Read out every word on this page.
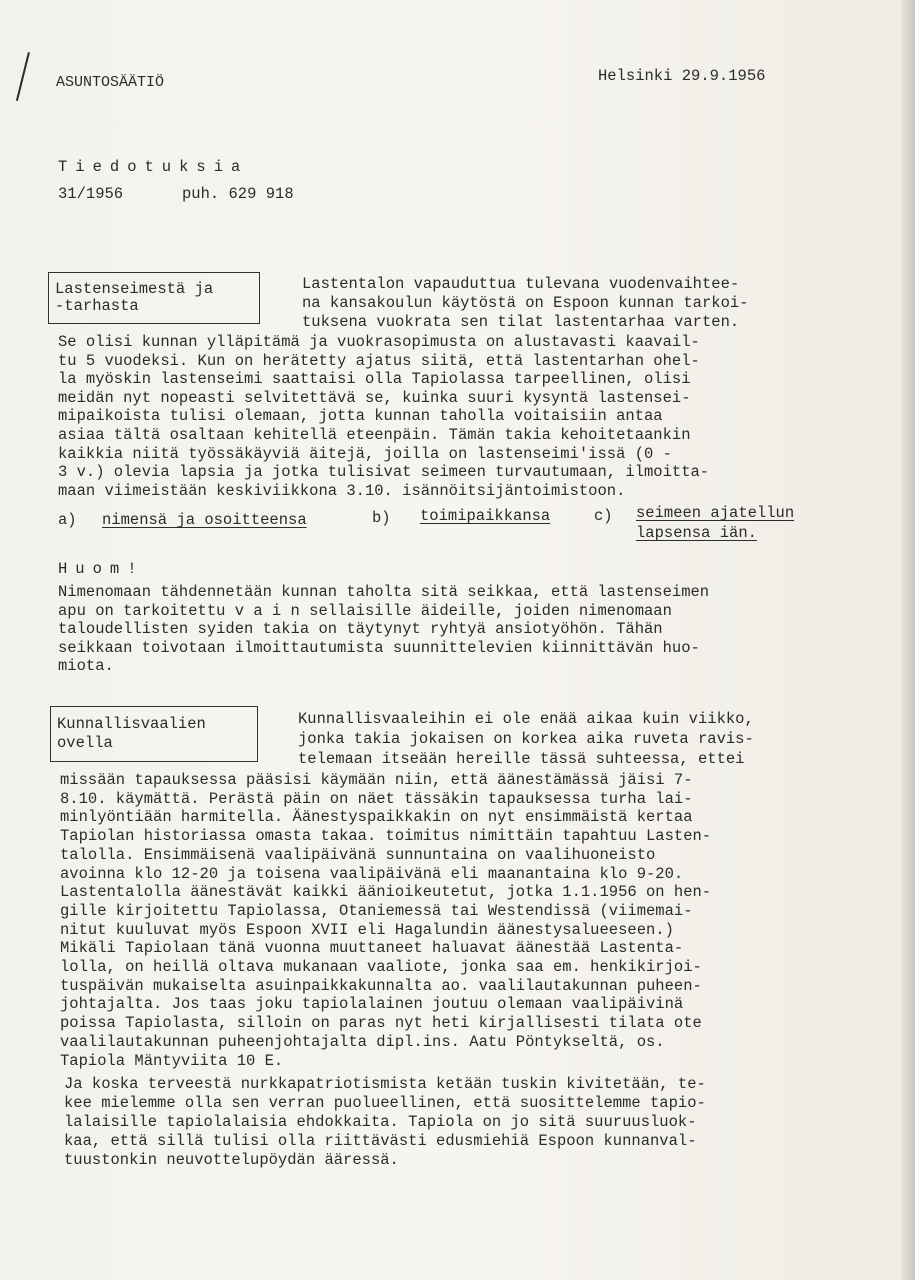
ASUNTOSÄÄTIÖ	Helsinki 29.9.1956
Tiedotuksia
31/1956	puh. 629 918
Lastenseimestä ja
-tarhasta
Lastentalon vapauduttua tulevana vuodenvaihtee-
na kansakoulun käytöstä on Espoon kunnan tarkoi-
tuksena vuokrata sen tilat lastentarhaa varten.
Se olisi kunnan ylläpitämä ja vuokrasopimusta on alustavasti kaavail-
tu 5 vuodeksi. Kun on herätetty ajatus siitä, että lastentarhan ohel-
la myöskin lastenseimi saattaisi olla Tapiolassa tarpeellinen, olisi
meidän nyt nopeasti selvitettävä se, kuinka suuri kysyntä lastensei-
mipaikoista tulisi olemaan, jotta kunnan taholla voitaisiin antaa
asiaa tältä osaltaan kehitellä eteenpäin. Tämän takia kehoitetaankin
kaikkia niitä työssäkäyviä äitejä, joilla on lastenseimi'issä (0 -
3 v.) olevia lapsia ja jotka tulisivat seimeen turvautumaan, ilmoitta-
maan viimeistään keskiviikkona 3.10. isännöitsijäntoimistoon.
a) nimensä ja osoitteensa	b) toimipaikkansa	c) seimeen ajatellun
lapsensa iän.
Huom!
Nimenomaan tähdennetään kunnan taholta sitä seikkaa, että lastenseimen
apu on tarkoitettu v a i n sellaisille äideille, joiden nimenomaan
taloudellisten syiden takia on täytynyt ryhtyä ansiotyöhön. Tähän
seikkaan toivotaan ilmoittautumista suunnittelevien kiinnittävän huo-
miota.
Kunnallisvaalien
ovella
Kunnallisvaaleihin ei ole enää aikaa kuin viikko,
jonka takia jokaisen on korkea aika ruveta ravis-
telemaan itseään hereille tässä suhteessa, ettei
missään tapauksessa pääsisi käymään niin, että äänestämässä jäisi 7-
8.10. käymättä. Perästä päin on näet tässäkin tapauksessa turha lai-
minlyöntiään harmitella. Äänestyspaikkakin on nyt ensimmäistä kertaa
Tapiolan historiassa omasta takaa. toimitus nimittäin tapahtuu Lasten-
talolla. Ensimmäisenä vaalipäivänä sunnuntaina on vaalihuoneisto
avoinna klo 12-20 ja toisena vaalipäivänä eli maanantaina klo 9-20.
Lastentalolla äänestävät kaikki äänioikeutetut, jotka 1.1.1956 on hen-
gille kirjoitettu Tapiolassa, Otaniemessä tai Westendissä (viimemai-
nitut kuuluvat myös Espoon XVII eli Hagalundin äänestysalueeseen.)
Mikäli Tapiolaan tänä vuonna muuttaneet haluavat äänestää Lastenta-
lolla, on heillä oltava mukanaan vaaliote, jonka saa em. henkikirjoi-
tuspäivän mukaiselta asuinpaikkakunnalta ao. vaalilautakunnan puheen-
johtajalta. Jos taas joku tapiolalainen joutuu olemaan vaalipäivinä
poissa Tapiolasta, silloin on paras nyt heti kirjallisesti tilata ote
vaalilautakunnan puheenjohtajalta dipl.ins. Aatu Pöntykseltä, os.
Tapiola Mäntyviita 10 E.
Ja koska terveestä nurkkapatriotismista ketään tuskin kivitetään, te-
kee mielemme olla sen verran puolueellinen, että suosittelemme tapio-
lalaisille tapiolalaisia ehdokkaita. Tapiola on jo sitä suuruusluok-
kaa, että sillä tulisi olla riittävästi edusmiehiä Espoon kunnanval-
tuustonkin neuvottelupöydän ääressä.
